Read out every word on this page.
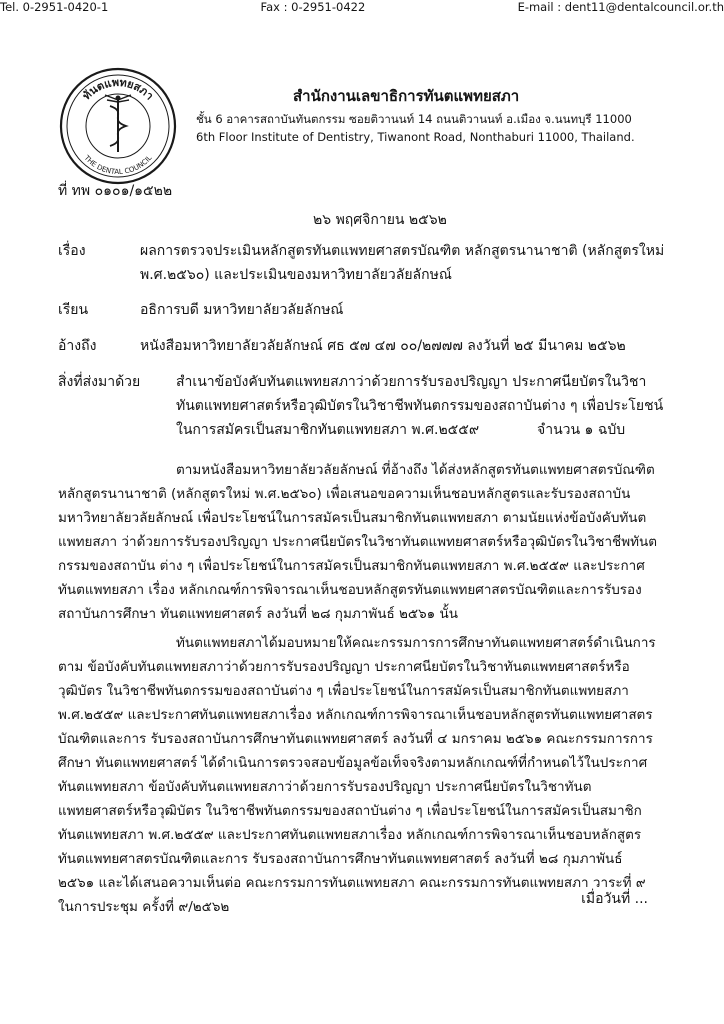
ทันตแพทยสภา
THE DENTAL COUNCIL
สำนักงานเลขาธิการทันตแพทยสภา
ชั้น 6 อาคารสถาบันทันตกรรม ซอยติวานนท์ 14 ถนนติวานนท์ อ.เมือง จ.นนทบุรี 11000
6th Floor Institute of Dentistry, Tiwanont Road, Nonthaburi 11000, Thailand.
Tel. 0-2951-0420-1	Fax : 0-2951-0422	E-mail : dent11@dentalcouncil.or.th
ที่ ทพ ๐๑๐๑/๑๕๒๒
๒๖ พฤศจิกายน ๒๕๖๒
เรื่อง	ผลการตรวจประเมินหลักสูตรทันตแพทยศาสตรบัณฑิต หลักสูตรนานาชาติ (หลักสูตรใหม่
พ.ศ.๒๕๖๐) และประเมินของมหาวิทยาลัยวลัยลักษณ์
เรียน	อธิการบดี มหาวิทยาลัยวลัยลักษณ์
อ้างถึง	หนังสือมหาวิทยาลัยวลัยลักษณ์ ศธ ๕๗ ๔๗ ๐๐/๒๗๗๗ ลงวันที่ ๒๕ มีนาคม ๒๕๖๒
สิ่งที่ส่งมาด้วย	สำเนาข้อบังคับทันตแพทยสภาว่าด้วยการรับรองปริญญา ประกาศนียบัตรในวิชา
ทันตแพทยศาสตร์หรือวุฒิบัตรในวิชาชีพทันตกรรมของสถาบันต่าง ๆ เพื่อประโยชน์
ในการสมัครเป็นสมาชิกทันตแพทยสภา พ.ศ.๒๕๕๙	จำนวน ๑ ฉบับ

ตามหนังสือมหาวิทยาลัยวลัยลักษณ์ ที่อ้างถึง ได้ส่งหลักสูตรทันตแพทยศาสตรบัณฑิต หลักสูตรนานาชาติ (หลักสูตรใหม่ พ.ศ.๒๕๖๐) เพื่อเสนอขอความเห็นชอบหลักสูตรและรับรองสถาบัน มหาวิทยาลัยวลัยลักษณ์ เพื่อประโยชน์ในการสมัครเป็นสมาชิกทันตแพทยสภา ตามนัยแห่งข้อบังคับทันตแพทยสภา ว่าด้วยการรับรองปริญญา ประกาศนียบัตรในวิชาทันตแพทยศาสตร์หรือวุฒิบัตรในวิชาชีพทันตกรรมของสถาบัน ต่าง ๆ เพื่อประโยชน์ในการสมัครเป็นสมาชิกทันตแพทยสภา พ.ศ.๒๕๕๙ และประกาศทันตแพทยสภา เรื่อง หลักเกณฑ์การพิจารณาเห็นชอบหลักสูตรทันตแพทยศาสตรบัณฑิตและการรับรองสถาบันการศึกษา ทันตแพทยศาสตร์ ลงวันที่ ๒๘ กุมภาพันธ์ ๒๕๖๑ นั้น

ทันตแพทยสภาได้มอบหมายให้คณะกรรมการการศึกษาทันตแพทยศาสตร์ดำเนินการตาม ข้อบังคับทันตแพทยสภาว่าด้วยการรับรองปริญญา ประกาศนียบัตรในวิชาทันตแพทยศาสตร์หรือวุฒิบัตร ในวิชาชีพทันตกรรมของสถาบันต่าง ๆ เพื่อประโยชน์ในการสมัครเป็นสมาชิกทันตแพทยสภา พ.ศ.๒๕๕๙ และประกาศทันตแพทยสภาเรื่อง หลักเกณฑ์การพิจารณาเห็นชอบหลักสูตรทันตแพทยศาสตรบัณฑิตและการ รับรองสถาบันการศึกษาทันตแพทยศาสตร์ ลงวันที่ ๔ มกราคม ๒๕๖๑ คณะกรรมการการศึกษา ทันตแพทยศาสตร์ ได้ดำเนินการตรวจสอบข้อมูลข้อเท็จจริงตามหลักเกณฑ์ที่กำหนดไว้ในประกาศทันตแพทยสภา ข้อบังคับทันตแพทยสภาว่าด้วยการรับรองปริญญา ประกาศนียบัตรในวิชาทันตแพทยศาสตร์หรือวุฒิบัตร ในวิชาชีพทันตกรรมของสถาบันต่าง ๆ เพื่อประโยชน์ในการสมัครเป็นสมาชิกทันตแพทยสภา พ.ศ.๒๕๕๙ และประกาศทันตแพทยสภาเรื่อง หลักเกณฑ์การพิจารณาเห็นชอบหลักสูตรทันตแพทยศาสตรบัณฑิตและการ รับรองสถาบันการศึกษาทันตแพทยศาสตร์ ลงวันที่ ๒๘ กุมภาพันธ์ ๒๕๖๑ และได้เสนอความเห็นต่อ คณะกรรมการทันตแพทยสภา คณะกรรมการทันตแพทยสภา วาระที่ ๙ ในการประชุม ครั้งที่ ๙/๒๕๖๒	เมื่อวันที่ ...
